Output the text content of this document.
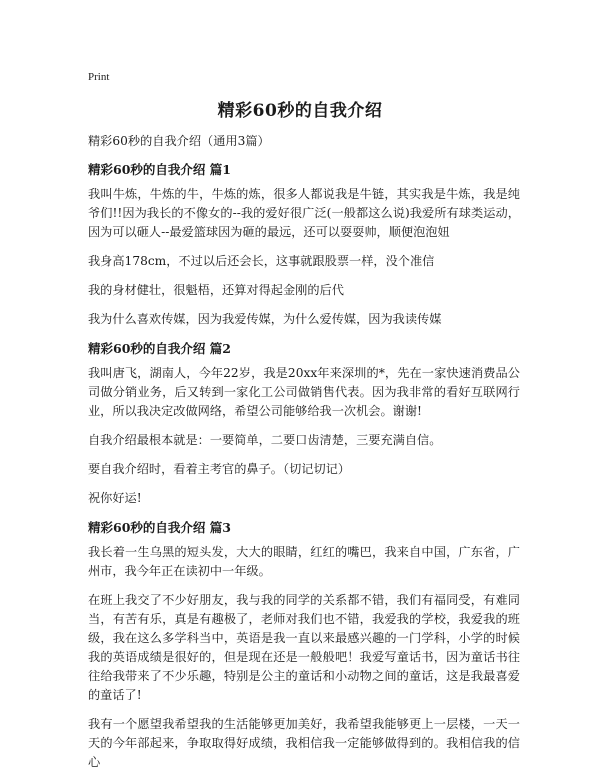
Print
精彩60秒的自我介绍

精彩60秒的自我介绍（通用3篇）

精彩60秒的自我介绍 篇1

我叫牛炼，牛炼的牛，牛炼的炼，很多人都说我是牛链，其实我是牛炼，我是纯爷们!!因为我长的不像女的--我的爱好很广泛(一般都这么说)我爱所有球类运动，因为可以砸人--最爱篮球因为砸的最远，还可以耍耍帅，顺便泡泡妞

我身高178cm，不过以后还会长，这事就跟股票一样，没个准信

我的身材健壮，很魁梧，还算对得起金刚的后代

我为什么喜欢传媒，因为我爱传媒，为什么爱传媒，因为我读传媒

精彩60秒的自我介绍 篇2

我叫唐飞，湖南人，今年22岁，我是20xx年来深圳的*，先在一家快速消费品公司做分销业务，后又转到一家化工公司做销售代表。因为我非常的看好互联网行业，所以我决定改做网络，希望公司能够给我一次机会。谢谢!

自我介绍最根本就是：一要简单，二要口齿清楚，三要充满自信。

要自我介绍时，看着主考官的鼻子。（切记切记）

祝你好运!

精彩60秒的自我介绍 篇3

我长着一生乌黑的短头发，大大的眼睛，红红的嘴巴，我来自中国，广东省，广州市，我今年正在读初中一年级。

在班上我交了不少好朋友，我与我的同学的关系都不错，我们有福同受，有难同当，有苦有乐，真是有趣极了，老师对我们也不错，我爱我的学校，我爱我的班级，我在这么多学科当中，英语是我一直以来最感兴趣的一门学科，小学的时候我的英语成绩是很好的，但是现在还是一般般吧！我爱写童话书，因为童话书往往给我带来了不少乐趣，特别是公主的童话和小动物之间的童话，这是我最喜爱的童话了!

我有一个愿望我希望我的生活能够更加美好，我希望我能够更上一层楼，一天一天的今年部起来，争取取得好成绩，我相信我一定能够做得到的。我相信我的信心
